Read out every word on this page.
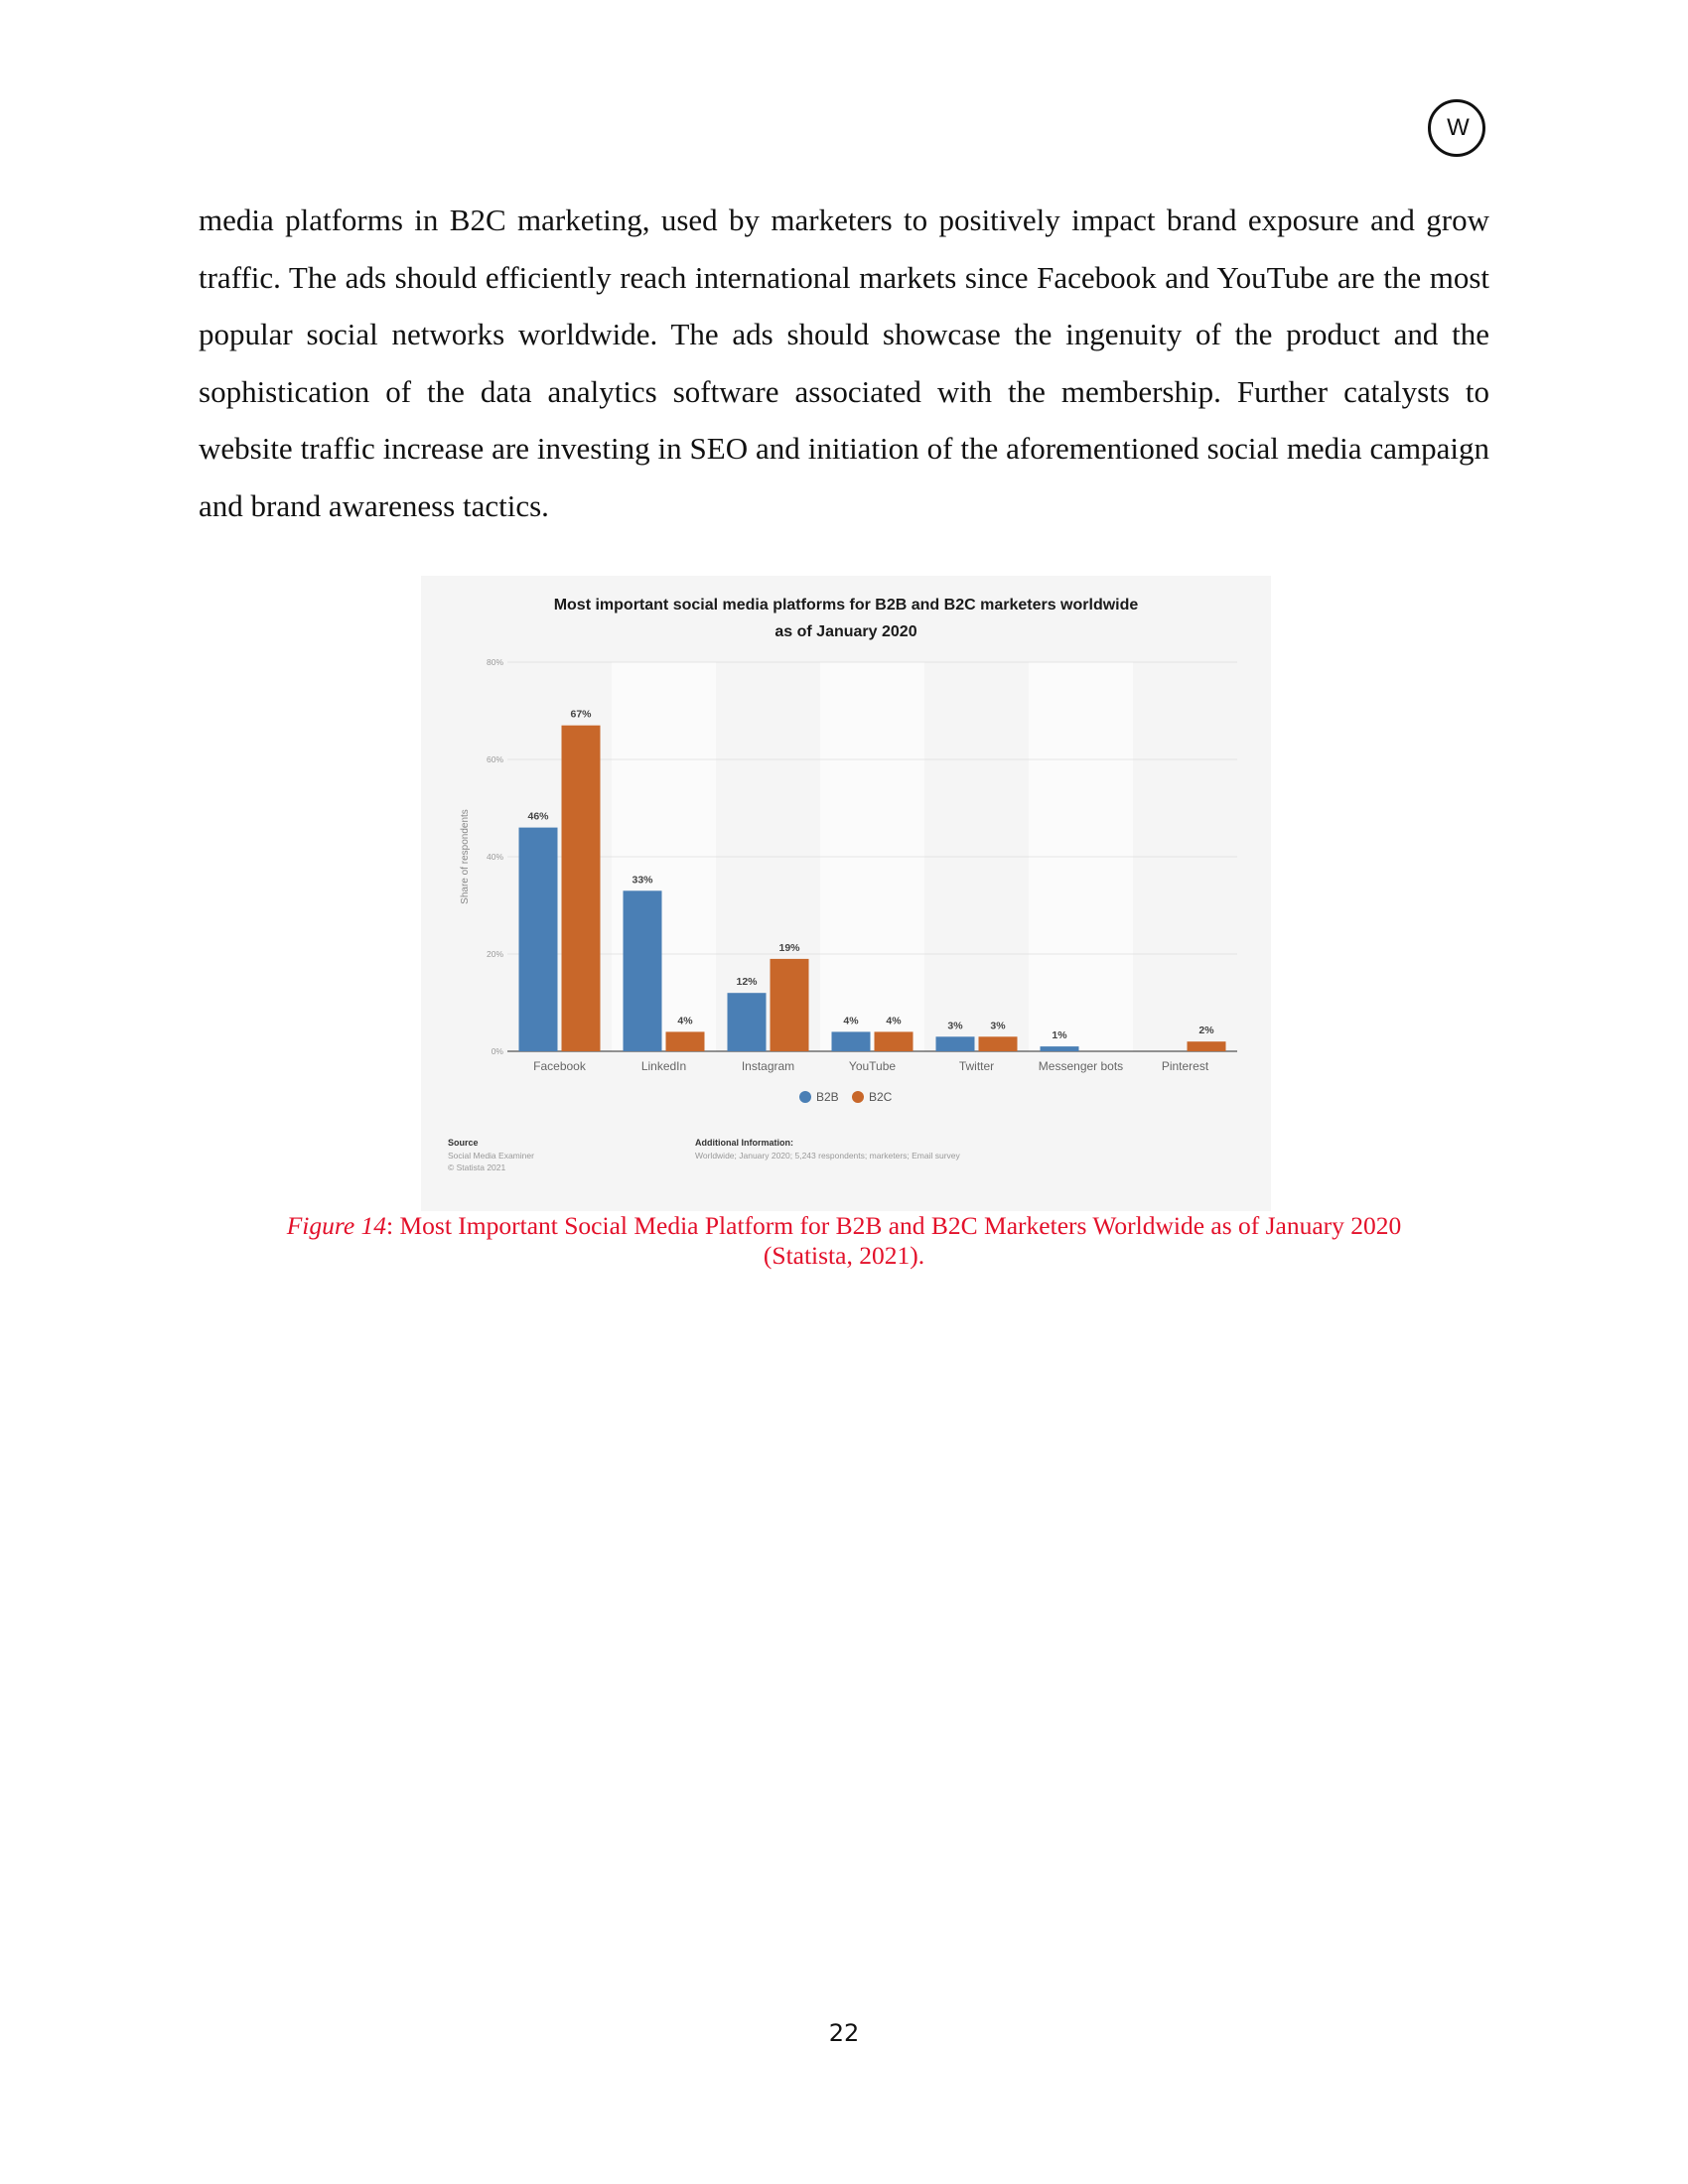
W

media platforms in B2C marketing, used by marketers to positively impact brand exposure and grow traffic. The ads should efficiently reach international markets since Facebook and YouTube are the most popular social networks worldwide. The ads should showcase the ingenuity of the product and the sophistication of the data analytics software associated with the membership. Further catalysts to website traffic increase are investing in SEO and initiation of the aforementioned social media campaign and brand awareness tactics.

Most important social media platforms for B2B and B2C marketers worldwide
as of January 2020
0%
20%
40%
60%
80%
Share of respondents	46%
67%
Facebook
33%
4%
LinkedIn
12%
19%
Instagram
4%	4%
YouTube
3%	3%
Twitter
1%
Messenger bots
2%
Pinterest
B2B	B2C
Source
Social Media Examiner
© Statista 2021
Additional Information:
Worldwide; January 2020; 5,243 respondents; marketers; Email survey
Figure 14: Most Important Social Media Platform for B2B and B2C Marketers Worldwide as of January 2020
(Statista, 2021).
22
